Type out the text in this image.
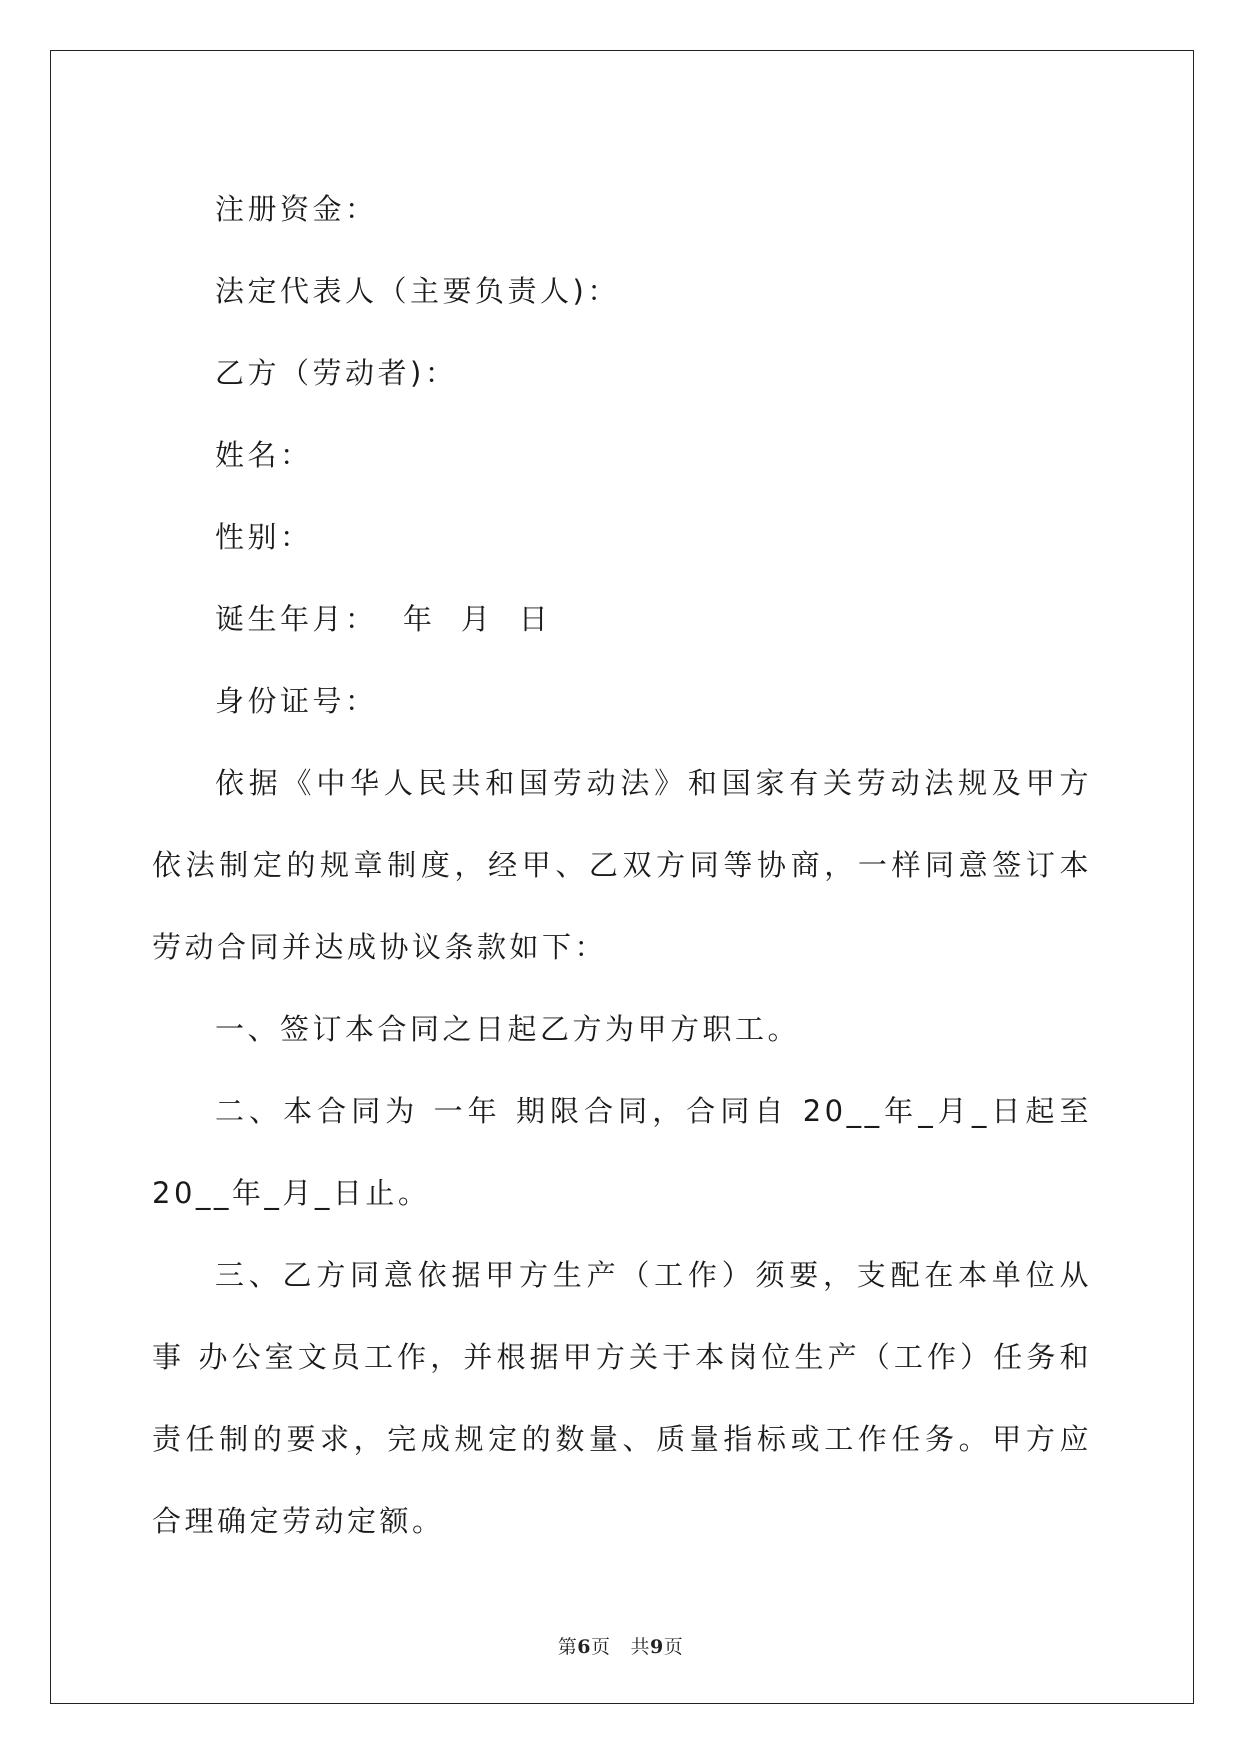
注册资金：

法定代表人（主要负责人)：

乙方（劳动者)：

姓名：

性别：

诞生年月：  年  月  日

身份证号：

依据《中华人民共和国劳动法》和国家有关劳动法规及甲方依法制定的规章制度，经甲、乙双方同等协商，一样同意签订本劳动合同并达成协议条款如下：

一、签订本合同之日起乙方为甲方职工。

二、本合同为 一年 期限合同，合同自 20__年_月_日起至 20__年_月_日止。

三、乙方同意依据甲方生产（工作）须要，支配在本单位从事 办公室文员工作，并根据甲方关于本岗位生产（工作）任务和责任制的要求，完成规定的数量、质量指标或工作任务。甲方应合理确定劳动定额。

第6页 共9页
